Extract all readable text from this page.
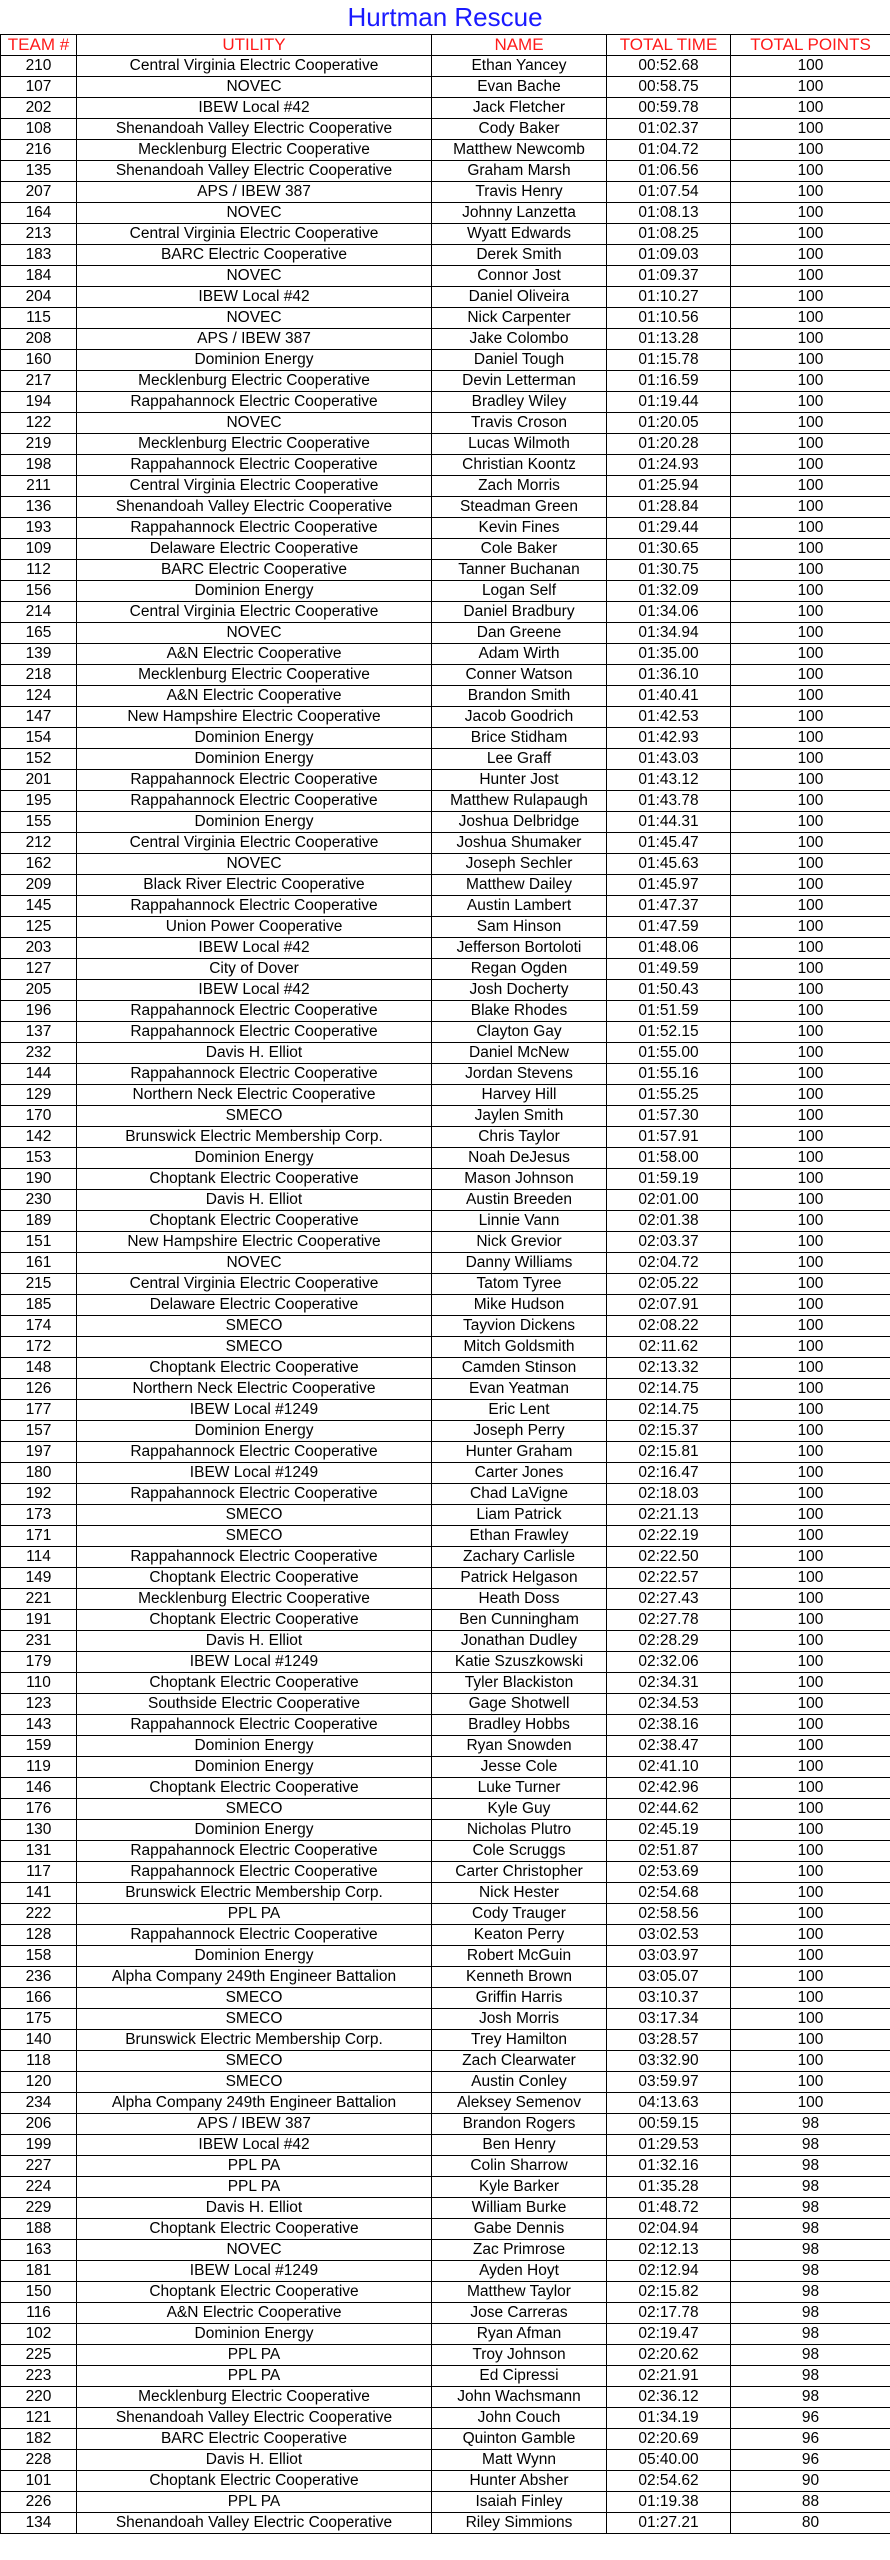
Hurtman Rescue
TEAM #	UTILITY	NAME	TOTAL TIME	TOTAL POINTS
210	Central Virginia Electric Cooperative	Ethan Yancey	00:52.68	100
107	NOVEC	Evan Bache	00:58.75	100
202	IBEW Local #42	Jack Fletcher	00:59.78	100
108	Shenandoah Valley Electric Cooperative	Cody Baker	01:02.37	100
216	Mecklenburg Electric Cooperative	Matthew Newcomb	01:04.72	100
135	Shenandoah Valley Electric Cooperative	Graham Marsh	01:06.56	100
207	APS / IBEW 387	Travis Henry	01:07.54	100
164	NOVEC	Johnny Lanzetta	01:08.13	100
213	Central Virginia Electric Cooperative	Wyatt Edwards	01:08.25	100
183	BARC Electric Cooperative	Derek Smith	01:09.03	100
184	NOVEC	Connor Jost	01:09.37	100
204	IBEW Local #42	Daniel Oliveira	01:10.27	100
115	NOVEC	Nick Carpenter	01:10.56	100
208	APS / IBEW 387	Jake Colombo	01:13.28	100
160	Dominion Energy	Daniel Tough	01:15.78	100
217	Mecklenburg Electric Cooperative	Devin Letterman	01:16.59	100
194	Rappahannock Electric Cooperative	Bradley Wiley	01:19.44	100
122	NOVEC	Travis Croson	01:20.05	100
219	Mecklenburg Electric Cooperative	Lucas Wilmoth	01:20.28	100
198	Rappahannock Electric Cooperative	Christian Koontz	01:24.93	100
211	Central Virginia Electric Cooperative	Zach Morris	01:25.94	100
136	Shenandoah Valley Electric Cooperative	Steadman Green	01:28.84	100
193	Rappahannock Electric Cooperative	Kevin Fines	01:29.44	100
109	Delaware Electric Cooperative	Cole Baker	01:30.65	100
112	BARC Electric Cooperative	Tanner Buchanan	01:30.75	100
156	Dominion Energy	Logan Self	01:32.09	100
214	Central Virginia Electric Cooperative	Daniel Bradbury	01:34.06	100
165	NOVEC	Dan Greene	01:34.94	100
139	A&N Electric Cooperative	Adam Wirth	01:35.00	100
218	Mecklenburg Electric Cooperative	Conner Watson	01:36.10	100
124	A&N Electric Cooperative	Brandon Smith	01:40.41	100
147	New Hampshire Electric Cooperative	Jacob Goodrich	01:42.53	100
154	Dominion Energy	Brice Stidham	01:42.93	100
152	Dominion Energy	Lee Graff	01:43.03	100
201	Rappahannock Electric Cooperative	Hunter Jost	01:43.12	100
195	Rappahannock Electric Cooperative	Matthew Rulapaugh	01:43.78	100
155	Dominion Energy	Joshua Delbridge	01:44.31	100
212	Central Virginia Electric Cooperative	Joshua Shumaker	01:45.47	100
162	NOVEC	Joseph Sechler	01:45.63	100
209	Black River Electric Cooperative	Matthew Dailey	01:45.97	100
145	Rappahannock Electric Cooperative	Austin Lambert	01:47.37	100
125	Union Power Cooperative	Sam Hinson	01:47.59	100
203	IBEW Local #42	Jefferson Bortoloti	01:48.06	100
127	City of Dover	Regan Ogden	01:49.59	100
205	IBEW Local #42	Josh Docherty	01:50.43	100
196	Rappahannock Electric Cooperative	Blake Rhodes	01:51.59	100
137	Rappahannock Electric Cooperative	Clayton Gay	01:52.15	100
232	Davis H. Elliot	Daniel McNew	01:55.00	100
144	Rappahannock Electric Cooperative	Jordan Stevens	01:55.16	100
129	Northern Neck Electric Cooperative	Harvey Hill	01:55.25	100
170	SMECO	Jaylen Smith	01:57.30	100
142	Brunswick Electric Membership Corp.	Chris Taylor	01:57.91	100
153	Dominion Energy	Noah DeJesus	01:58.00	100
190	Choptank Electric Cooperative	Mason Johnson	01:59.19	100
230	Davis H. Elliot	Austin Breeden	02:01.00	100
189	Choptank Electric Cooperative	Linnie Vann	02:01.38	100
151	New Hampshire Electric Cooperative	Nick Grevior	02:03.37	100
161	NOVEC	Danny Williams	02:04.72	100
215	Central Virginia Electric Cooperative	Tatom Tyree	02:05.22	100
185	Delaware Electric Cooperative	Mike Hudson	02:07.91	100
174	SMECO	Tayvion Dickens	02:08.22	100
172	SMECO	Mitch Goldsmith	02:11.62	100
148	Choptank Electric Cooperative	Camden Stinson	02:13.32	100
126	Northern Neck Electric Cooperative	Evan Yeatman	02:14.75	100
177	IBEW Local #1249	Eric Lent	02:14.75	100
157	Dominion Energy	Joseph Perry	02:15.37	100
197	Rappahannock Electric Cooperative	Hunter Graham	02:15.81	100
180	IBEW Local #1249	Carter Jones	02:16.47	100
192	Rappahannock Electric Cooperative	Chad LaVigne	02:18.03	100
173	SMECO	Liam Patrick	02:21.13	100
171	SMECO	Ethan Frawley	02:22.19	100
114	Rappahannock Electric Cooperative	Zachary Carlisle	02:22.50	100
149	Choptank Electric Cooperative	Patrick Helgason	02:22.57	100
221	Mecklenburg Electric Cooperative	Heath Doss	02:27.43	100
191	Choptank Electric Cooperative	Ben Cunningham	02:27.78	100
231	Davis H. Elliot	Jonathan Dudley	02:28.29	100
179	IBEW Local #1249	Katie Szuszkowski	02:32.06	100
110	Choptank Electric Cooperative	Tyler Blackiston	02:34.31	100
123	Southside Electric Cooperative	Gage Shotwell	02:34.53	100
143	Rappahannock Electric Cooperative	Bradley Hobbs	02:38.16	100
159	Dominion Energy	Ryan Snowden	02:38.47	100
119	Dominion Energy	Jesse Cole	02:41.10	100
146	Choptank Electric Cooperative	Luke Turner	02:42.96	100
176	SMECO	Kyle Guy	02:44.62	100
130	Dominion Energy	Nicholas Plutro	02:45.19	100
131	Rappahannock Electric Cooperative	Cole Scruggs	02:51.87	100
117	Rappahannock Electric Cooperative	Carter Christopher	02:53.69	100
141	Brunswick Electric Membership Corp.	Nick Hester	02:54.68	100
222	PPL PA	Cody Trauger	02:58.56	100
128	Rappahannock Electric Cooperative	Keaton Perry	03:02.53	100
158	Dominion Energy	Robert McGuin	03:03.97	100
236	Alpha Company 249th Engineer Battalion	Kenneth Brown	03:05.07	100
166	SMECO	Griffin Harris	03:10.37	100
175	SMECO	Josh Morris	03:17.34	100
140	Brunswick Electric Membership Corp.	Trey Hamilton	03:28.57	100
118	SMECO	Zach Clearwater	03:32.90	100
120	SMECO	Austin Conley	03:59.97	100
234	Alpha Company 249th Engineer Battalion	Aleksey Semenov	04:13.63	100
206	APS / IBEW 387	Brandon Rogers	00:59.15	98
199	IBEW Local #42	Ben Henry	01:29.53	98
227	PPL PA	Colin Sharrow	01:32.16	98
224	PPL PA	Kyle Barker	01:35.28	98
229	Davis H. Elliot	William Burke	01:48.72	98
188	Choptank Electric Cooperative	Gabe Dennis	02:04.94	98
163	NOVEC	Zac Primrose	02:12.13	98
181	IBEW Local #1249	Ayden Hoyt	02:12.94	98
150	Choptank Electric Cooperative	Matthew Taylor	02:15.82	98
116	A&N Electric Cooperative	Jose Carreras	02:17.78	98
102	Dominion Energy	Ryan Afman	02:19.47	98
225	PPL PA	Troy Johnson	02:20.62	98
223	PPL PA	Ed Cipressi	02:21.91	98
220	Mecklenburg Electric Cooperative	John Wachsmann	02:36.12	98
121	Shenandoah Valley Electric Cooperative	John Couch	01:34.19	96
182	BARC Electric Cooperative	Quinton Gamble	02:20.69	96
228	Davis H. Elliot	Matt Wynn	05:40.00	96
101	Choptank Electric Cooperative	Hunter Absher	02:54.62	90
226	PPL PA	Isaiah Finley	01:19.38	88
134	Shenandoah Valley Electric Cooperative	Riley Simmions	01:27.21	80
